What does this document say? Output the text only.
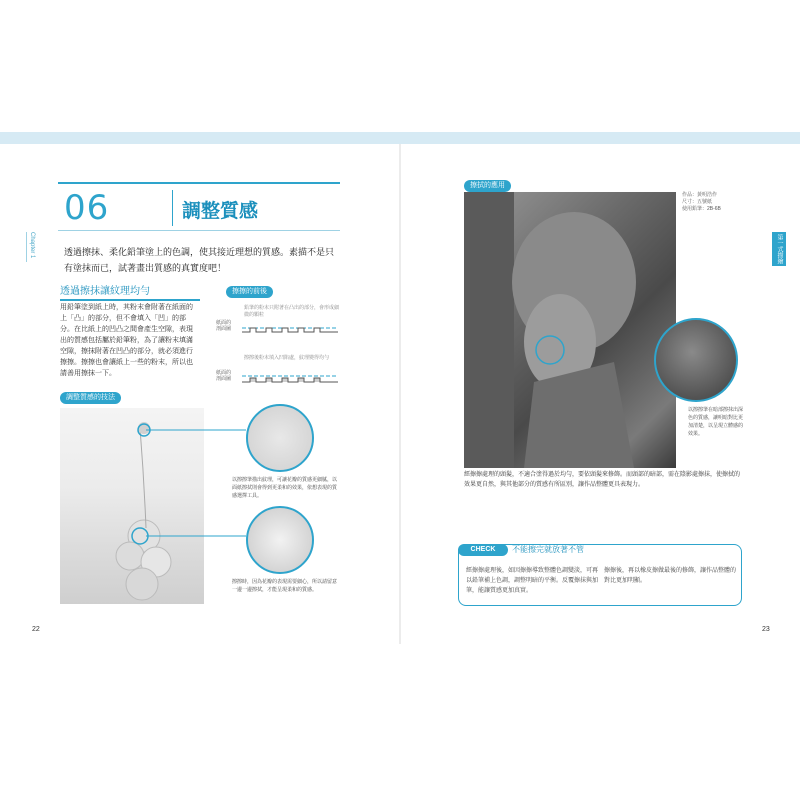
Chapter 1
06	調整質感
透過擦抹、柔化鉛筆塗上的色調，使其接近理想的質感。素描不是只有塗抹而已，試著畫出質感的真實度吧！
透過擦抹讓紋理均勻
用鉛筆塗到紙上時，其粉末會附著在紙面的上「凸」的部分，但不會填入「凹」的部分。在比紙上的凹凸之間會產生空隙，表現出的質感包括屬於鉛筆粉，為了讓粉末填滿空隙，擦抹附著在凹凸的部分，就必須進行擦擦。擦擦也會讓紙上一些的粉末，所以也請善用擦抹一下。
擦擦的前後
鉛筆的粉末只附著在凸出的部分，會形成細微的顆粒
紙面的剖面圖
擦擦後粉末填入凹陷處，紋理變得均勻
紙面的剖面圖
調整質感的技法
以擦擦筆描出紋理，可讓花瓣的質感更細膩，以面紙擦拭則會得到更柔和的效果，依想表現的質感選擇工具。
擦擦時，因為花瓣的表現需要細心，所以請留意一邊一邊擦拭，才能呈現柔和的質感。
22
第一式描繪
擦拭的應用
作品：黃明浩作
尺寸：五號紙
使用鉛筆：2B-6B
以擦擦筆在暗部擦抹出深色的質感，讓明暗對比更加清楚，以呈現立體感的效果。
經擦擦處理的頭髮，不適合塗得過於均勻，要依頭髮來修飾。而頭部的暗部，需在陰影處擦抹，使擦拭的效果更自然，與其他部分的質感有所區別，讓作品整體更具表現力。
CHECK	不能擦完就放著不管
經擦擦處理後，如因擦擦導致整體色調變淡，可再以鉛筆補上色調，調整明暗的平衡。反覆擦抹與加筆，能讓質感更加真實。
擦擦後，再以橡皮擦做最後的修飾，讓作品整體的對比更加明顯。
23
